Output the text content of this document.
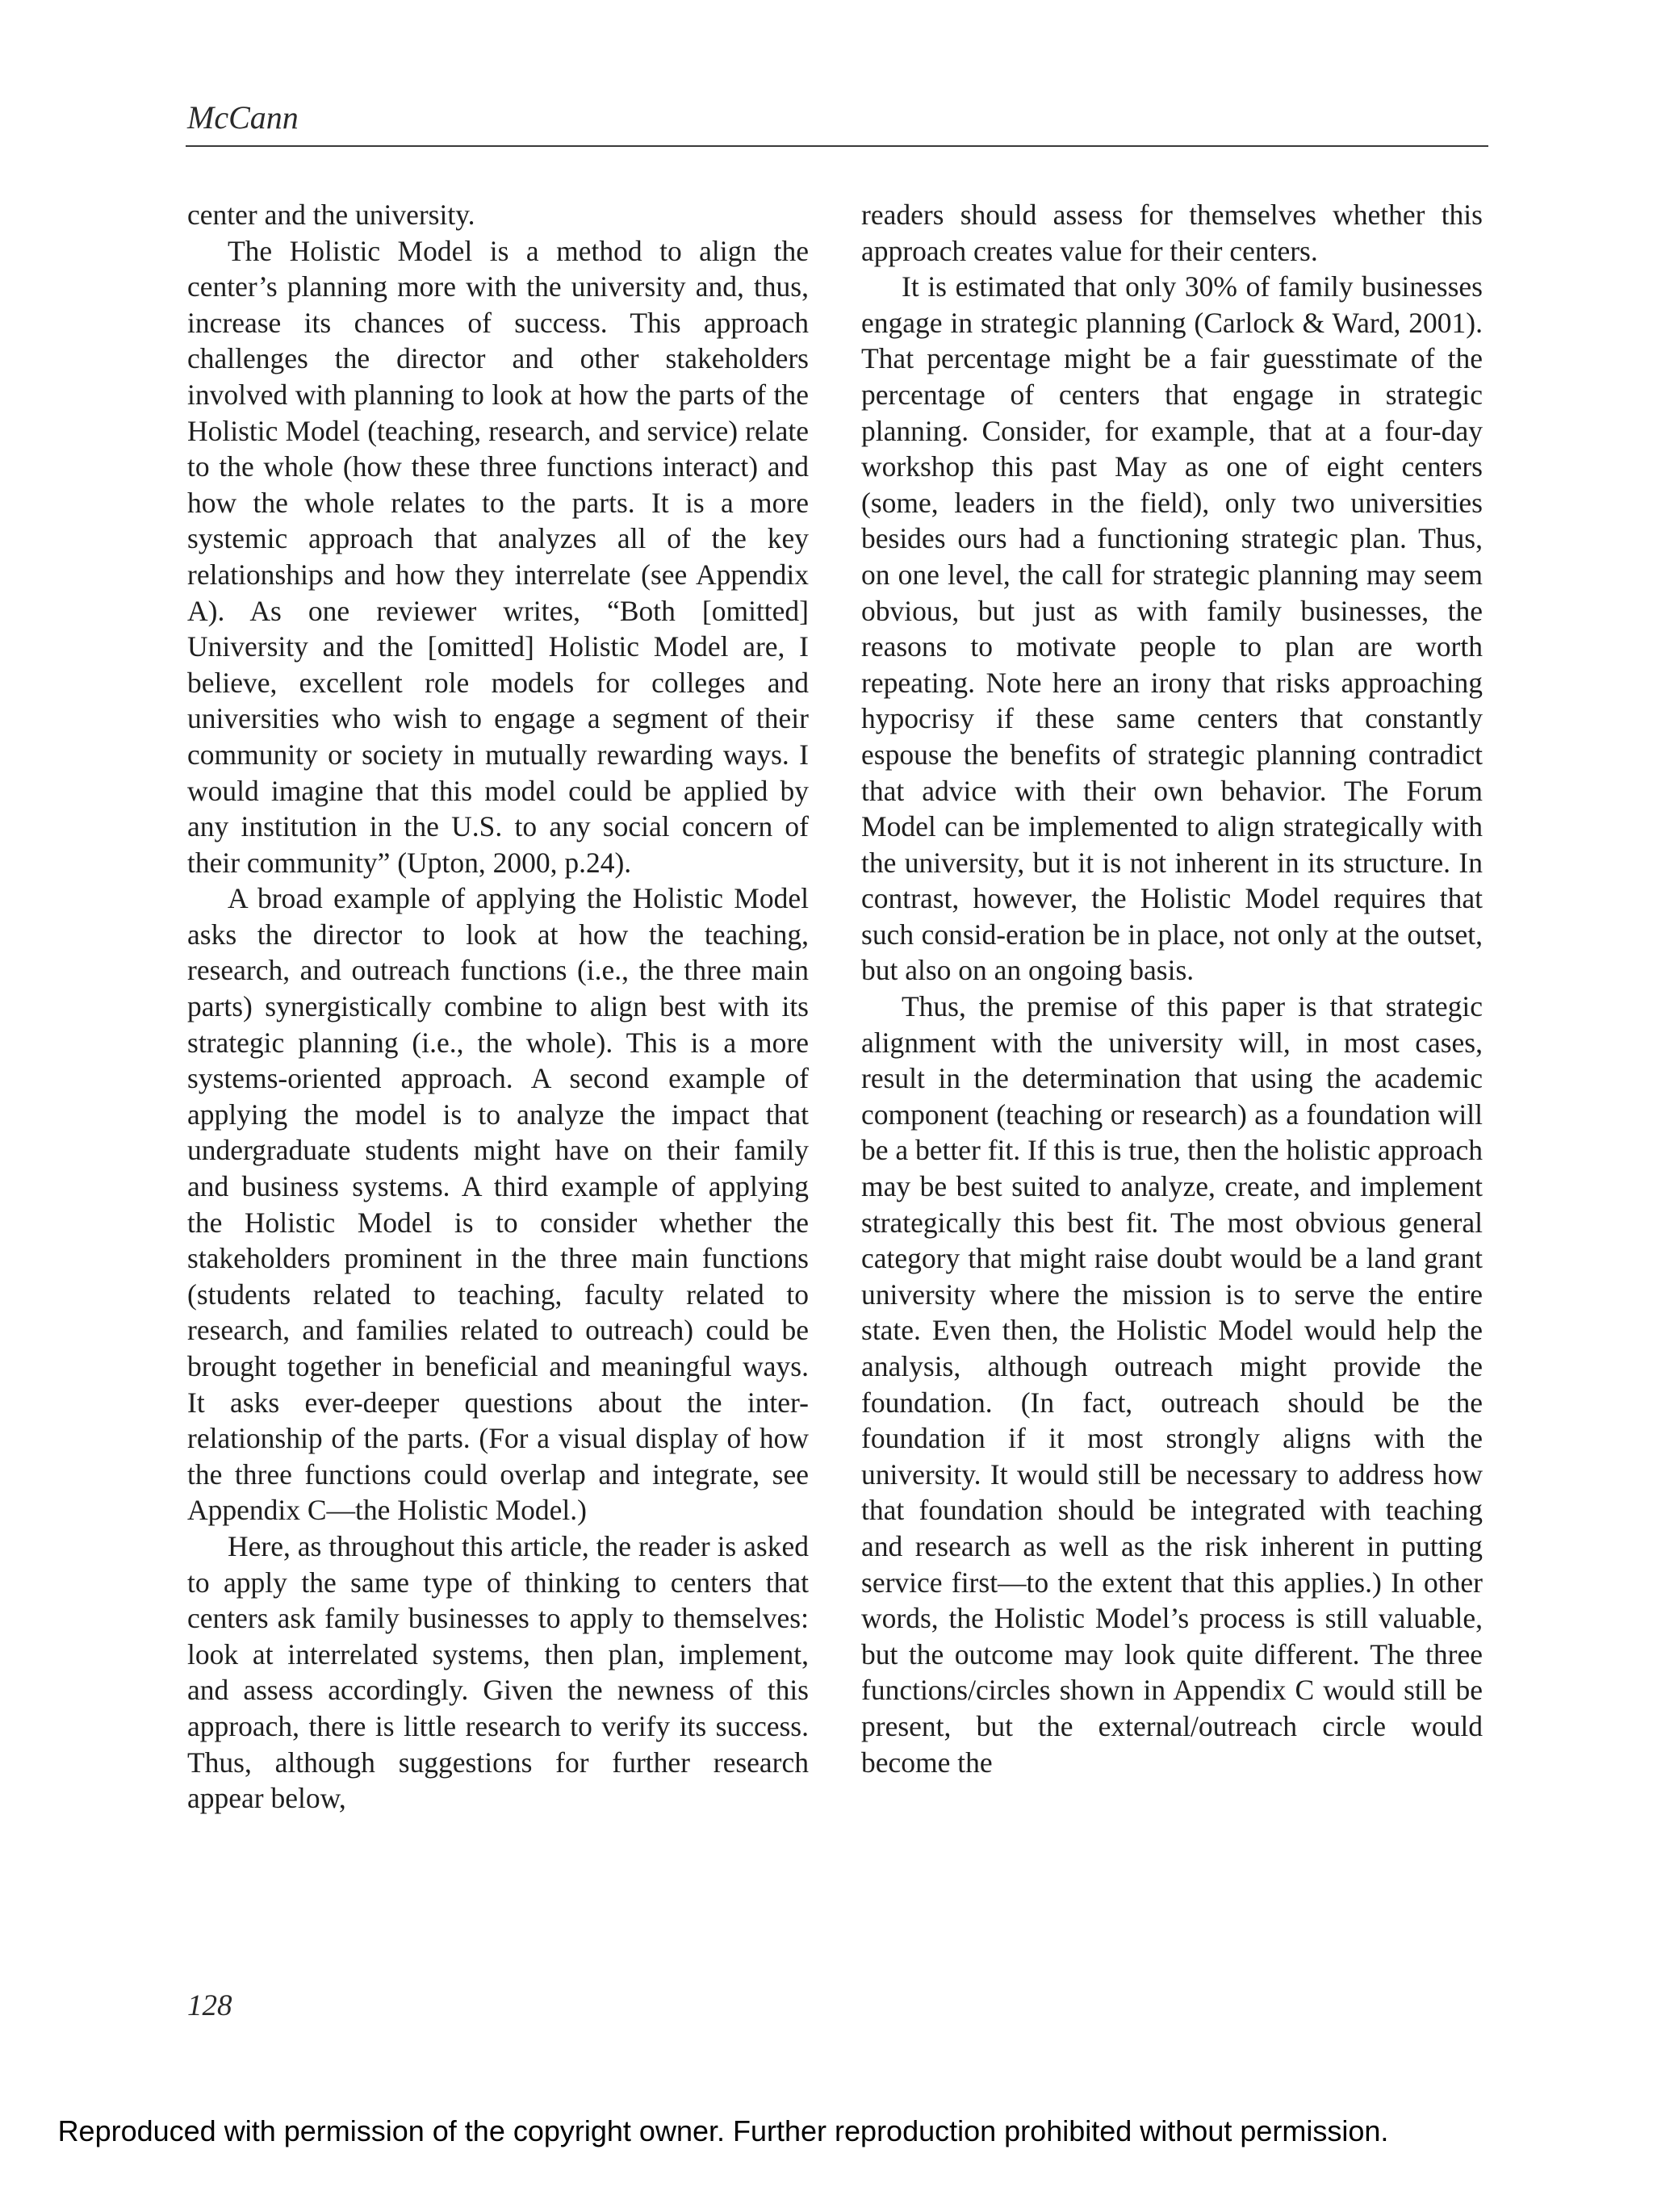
McCann

center and the university.

The Holistic Model is a method to align the center’s planning more with the university and, thus, increase its chances of success. This approach challenges the director and other stakeholders involved with planning to look at how the parts of the Holistic Model (teaching, research, and service) relate to the whole (how these three functions interact) and how the whole relates to the parts. It is a more systemic approach that analyzes all of the key relationships and how they interrelate (see Appendix A). As one reviewer writes, “Both [omitted] University and the [omitted] Holistic Model are, I believe, excellent role models for colleges and universities who wish to engage a segment of their community or society in mutually rewarding ways. I would imagine that this model could be applied by any institution in the U.S. to any social concern of their community” (Upton, 2000, p.24).

A broad example of applying the Holistic Model asks the director to look at how the teaching, research, and outreach functions (i.e., the three main parts) synergistically combine to align best with its strategic planning (i.e., the whole). This is a more systems-oriented approach. A second example of applying the model is to analyze the impact that undergraduate students might have on their family and business systems. A third example of applying the Holistic Model is to consider whether the stakeholders prominent in the three main functions (students related to teaching, faculty related to research, and families related to outreach) could be brought together in beneficial and meaningful ways. It asks ever-deeper questions about the inter-relationship of the parts. (For a visual display of how the three functions could overlap and integrate, see Appendix C—the Holistic Model.)

Here, as throughout this article, the reader is asked to apply the same type of thinking to centers that centers ask family businesses to apply to themselves: look at interrelated systems, then plan, implement, and assess accordingly. Given the newness of this approach, there is little research to verify its success. Thus, although suggestions for further research appear below,

readers should assess for themselves whether this approach creates value for their centers.

It is estimated that only 30% of family businesses engage in strategic planning (Carlock & Ward, 2001). That percentage might be a fair guesstimate of the percentage of centers that engage in strategic planning. Consider, for example, that at a four-day workshop this past May as one of eight centers (some, leaders in the field), only two universities besides ours had a functioning strategic plan. Thus, on one level, the call for strategic planning may seem obvious, but just as with family businesses, the reasons to motivate people to plan are worth repeating. Note here an irony that risks approaching hypocrisy if these same centers that constantly espouse the benefits of strategic planning contradict that advice with their own behavior. The Forum Model can be implemented to align strategically with the university, but it is not inherent in its structure. In contrast, however, the Holistic Model requires that such consid-eration be in place, not only at the outset, but also on an ongoing basis.

Thus, the premise of this paper is that strategic alignment with the university will, in most cases, result in the determination that using the academic component (teaching or research) as a foundation will be a better fit. If this is true, then the holistic approach may be best suited to analyze, create, and implement strategically this best fit. The most obvious general category that might raise doubt would be a land grant university where the mission is to serve the entire state. Even then, the Holistic Model would help the analysis, although outreach might provide the foundation. (In fact, outreach should be the foundation if it most strongly aligns with the university. It would still be necessary to address how that foundation should be integrated with teaching and research as well as the risk inherent in putting service first—to the extent that this applies.) In other words, the Holistic Model’s process is still valuable, but the outcome may look quite different. The three functions/circles shown in Appendix C would still be present, but the external/outreach circle would become the

128
Reproduced with permission of the copyright owner. Further reproduction prohibited without permission.
